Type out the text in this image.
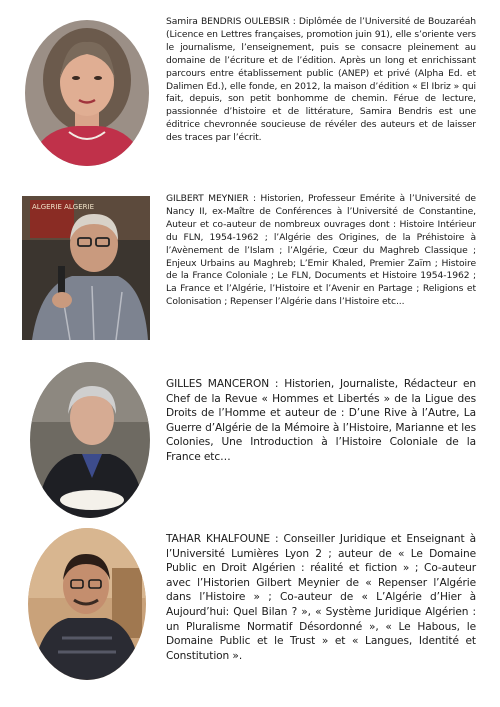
Samira BENDRIS OULEBSIR : Diplômée de l’Université de Bouzaréah (Licence en Lettres françaises, promotion juin 91), elle s’oriente vers le journalisme, l’enseignement, puis se consacre pleinement au domaine de l’écriture et de l’édition. Après un long et enrichissant parcours entre établissement public (ANEP) et privé (Alpha Ed. et Dalimen Ed.), elle fonde, en 2012, la maison d’édition « El Ibriz » qui fait, depuis, son petit bonhomme de chemin. Férue de lecture, passionnée d’histoire et de littérature, Samira Bendris est une éditrice chevronnée soucieuse de révéler des auteurs et de laisser des traces par l’écrit.

ALGERIE ALGERIE

GILBERT MEYNIER : Historien, Professeur Emérite à l’Université de Nancy II, ex-Maître de Conférences à l’Université de Constantine, Auteur et co-auteur de nombreux ouvrages dont : Histoire Intérieur du FLN, 1954-1962 ; l’Algérie des Origines, de la Préhistoire à l’Avènement de l’Islam ; l’Algérie, Cœur du Maghreb Classique ; Enjeux Urbains au Maghreb; L’Emir Khaled, Premier Zaïm ; Histoire de la France Coloniale ; Le FLN, Documents et Histoire 1954-1962 ; La France et l’Algérie, l’Histoire et l’Avenir en Partage ; Religions et Colonisation ; Repenser l’Algérie dans l’Histoire etc...

GILLES MANCERON : Historien, Journaliste, Rédacteur en Chef de la Revue « Hommes et Libertés » de la Ligue des Droits de l’Homme et auteur de : D’une Rive à l’Autre, La Guerre d’Algérie de la Mémoire à l’Histoire, Marianne et les Colonies, Une Introduction à l’Histoire Coloniale de la France etc…

TAHAR KHALFOUNE : Conseiller Juridique et Enseignant à l’Université Lumières Lyon 2 ; auteur de « Le Domaine Public en Droit Algérien : réalité et fiction » ; Co-auteur avec l’Historien Gilbert Meynier de « Repenser l’Algérie dans l’Histoire » ; Co-auteur de « L’Algérie d’Hier à Aujourd’hui: Quel Bilan ? », « Système Juridique Algérien : un Pluralisme Normatif Désordonné », « Le Habous, le Domaine Public et le Trust » et « Langues, Identité et Constitution ».
